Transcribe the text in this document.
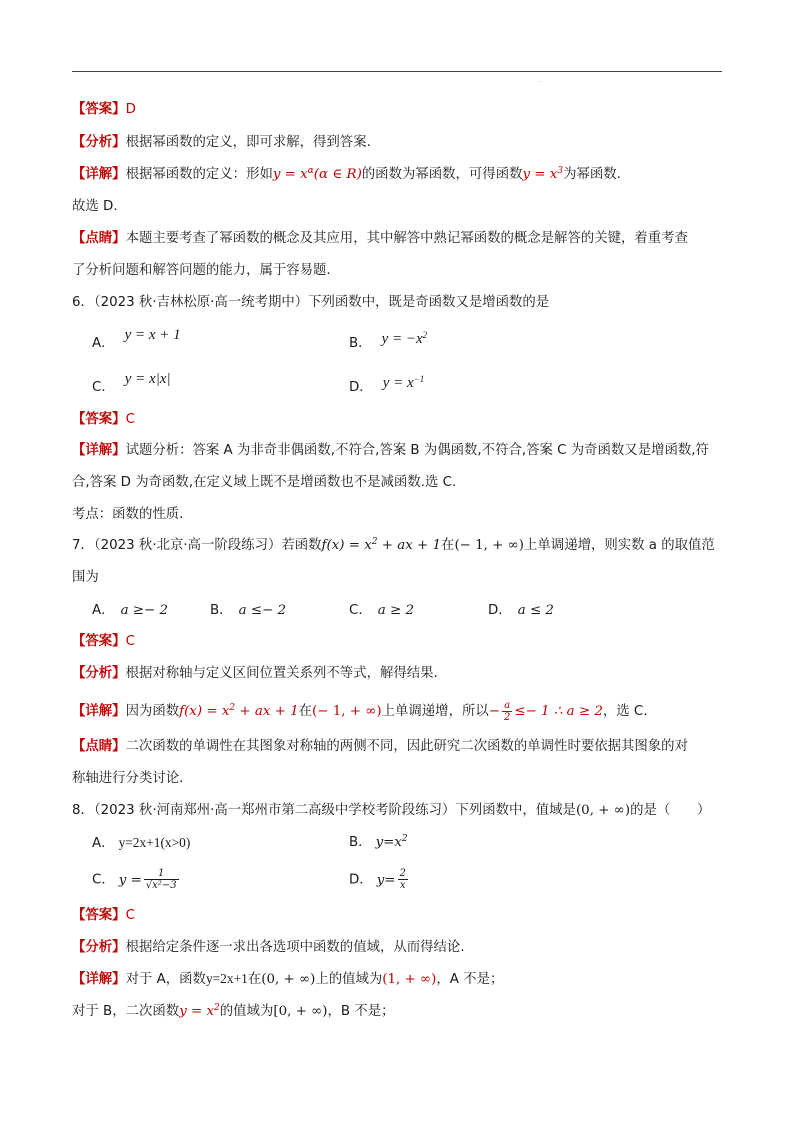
.
【答案】D
【分析】根据幂函数的定义，即可求解，得到答案.
【详解】根据幂函数的定义：形如$y = x^\alpha(\alpha$ ∈ R)的函数为幂函数，可得函数$y = x^3$为幂函数.
故选 D.
【点睛】本题主要考查了幂函数的概念及其应用，其中解答中熟记幂函数的概念是解答的关键，着重考查
了分析问题和解答问题的能力，属于容易题.
6．（2023 秋·吉林松原·高一统考期中）下列函数中，既是奇函数又是增函数的是
A．y = x + 1
B． $y = -x^2$
C．y = x|x|
D． $y = x^{-1}$
【答案】C
【详解】试题分析：答案 A 为非奇非偶函数,不符合,答案 B 为偶函数,不符合,答案 C 为奇函数又是增函数,符
合,答案 D 为奇函数,在定义域上既不是增函数也不是减函数.选 C.
考点：函数的性质.
7．（2023 秋·北京·高一阶段练习）若函数$f(x) = x^2$ + ax + 1在(− 1, + ∞)上单调递增，则实数 a 的取值范
围为
A． a ≥− 2	B． a ≤− 2	C． a ≥ 2	D． a ≤ 2
【答案】C
【分析】根据对称轴与定义区间位置关系列不等式，解得结果.
【详解】因为函数$f(x) = x^2$ + ax + 1在(− 1, + ∞)上单调递增，所以− $\frac{a}{2} \le- 1$ ∴ a ≥ 2，选 C.
【点睛】二次函数的单调性在其图象对称轴的两侧不同，因此研究二次函数的单调性时要依据其图象的对
称轴进行分类讨论．
8．（2023 秋·河南郑州·高一郑州市第二高级中学校考阶段练习）下列函数中，值域是(0, + ∞)的是（　　）
A． y=2x+1(x>0)	B． $y=x^2$
C． $y = \frac{1}{\text{√x²−3}}$	D． $y= \frac{2}{x}$
【答案】C
【分析】根据给定条件逐一求出各选项中函数的值域，从而得结论.
【详解】对于 A，函数y=2x+1在(0, + ∞)上的值域为(1, + ∞)，A 不是；
对于 B，二次函数$y = x^2$的值域为[0, + ∞)，B 不是；
